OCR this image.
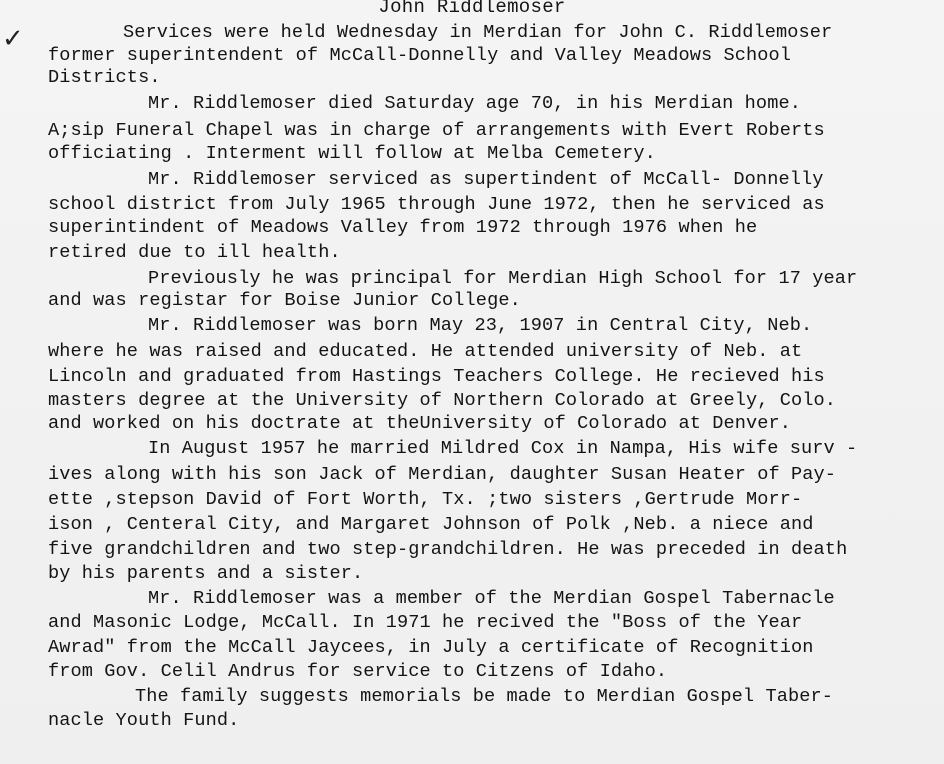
John Riddlemoser
✓	Services were held Wednesday in Merdian for John C. Riddlemoser
former superintendent of McCall-Donnelly and Valley Meadows School
Districts.
Mr. Riddlemoser died Saturday age 70, in his Merdian home.
A;sip Funeral Chapel was in charge of arrangements with Evert Roberts
officiating . Interment will follow at Melba Cemetery.
Mr. Riddlemoser serviced as supertindent of McCall- Donnelly
school district from July 1965 through June 1972, then he serviced as
superintindent of Meadows Valley from 1972 through 1976 when he
retired due to ill health.
Previously he was principal for Merdian High School for 17 year
and was registar for Boise Junior College.
Mr. Riddlemoser was born May 23, 1907 in Central City, Neb.
where he was raised and educated. He attended university of Neb. at
Lincoln and graduated from Hastings Teachers College. He recieved his
masters degree at the University of Northern Colorado at Greely, Colo.
and worked on his doctrate at theUniversity of Colorado at Denver.
In August 1957 he married Mildred Cox in Nampa, His wife surv -
ives along with his son Jack of Merdian, daughter Susan Heater of Pay-
ette ,stepson David of Fort Worth, Tx. ;two sisters ,Gertrude Morr-
ison , Centeral City, and Margaret Johnson of Polk ,Neb. a niece and
five grandchildren and two step-grandchildren. He was preceded in death
by his parents and a sister.
Mr. Riddlemoser was a member of the Merdian Gospel Tabernacle
and Masonic Lodge, McCall. In 1971 he recived the "Boss of the Year
Awrad" from the McCall Jaycees, in July a certificate of Recognition
from Gov. Celil Andrus for service to Citzens of Idaho.
The family suggests memorials be made to Merdian Gospel Taber-
nacle Youth Fund.
